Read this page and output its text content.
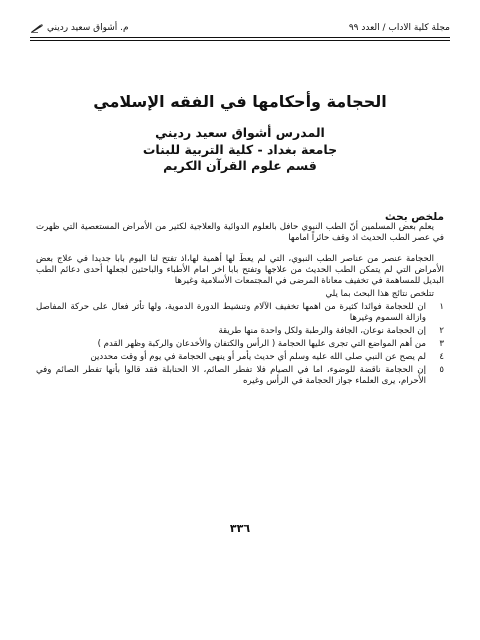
مجلة كلية الاداب / العدد ٩٩
م. أشواق سعيد رديني
الحجامة وأحكامها في الفقه الإسلامي
المدرس أشواق سعيد رديني
جامعة بغداد - كلية التربية للبنات
قسم علوم القرآن الكريم
ملخص بحث

يعلم بعض المسلمين أنّ الطب النبوي حافل بالعلوم الدوائية والعلاجية لكثير من الأمراض المستعصية التي ظهرت في عصر الطب الحديث اذ وقف حائراً امامها

الحجامة عنصر من عناصر الطب النبوي، التي لم يعطَ لها أهمية لها،اذ تفتح لنا اليوم بابا جديدا في علاج بعض الأمراض التي لم يتمكن الطب الحديث من علاجها وتفتح بابا اخر امام الأطباء والباحثين لجعلها أحدى دعائم الطب البديل للمساهمة في تخفيف معاناة المرضى في المجتمعات الأسلامية وغيرها

تتلخص نتائج هذا البحث بما يلي

١
ان للحجامة فوائدا كثيرة من اهمها تخفيف الآلام وتنشيط الدورة الدموية، ولها تأثر فعال على حركة المفاصل وازالة السموم وغيرها
٢
إن الحجامة نوعان، الجافة والرطبة ولكل واحدة منها طريقة
٣
من أهم المواضع التي تجرى عليها الحجامة ( الرأس والكتفان والأخدعان والركبة وظهر القدم )
٤
لم يصح عن النبي صلى الله عليه وسلم أي حديث يأمر أو ينهى الحجامة في يوم أو وقت محددين
٥
إن الحجامة ناقضة للوضوء، اما في الصيام فلا تفطر الصائم، الا الحنابلة فقد قالوا بأنها تفطر الصائم وفي الأحرام، يرى العلماء جواز الحجامة في الرأس وغيره
٣٣٦
